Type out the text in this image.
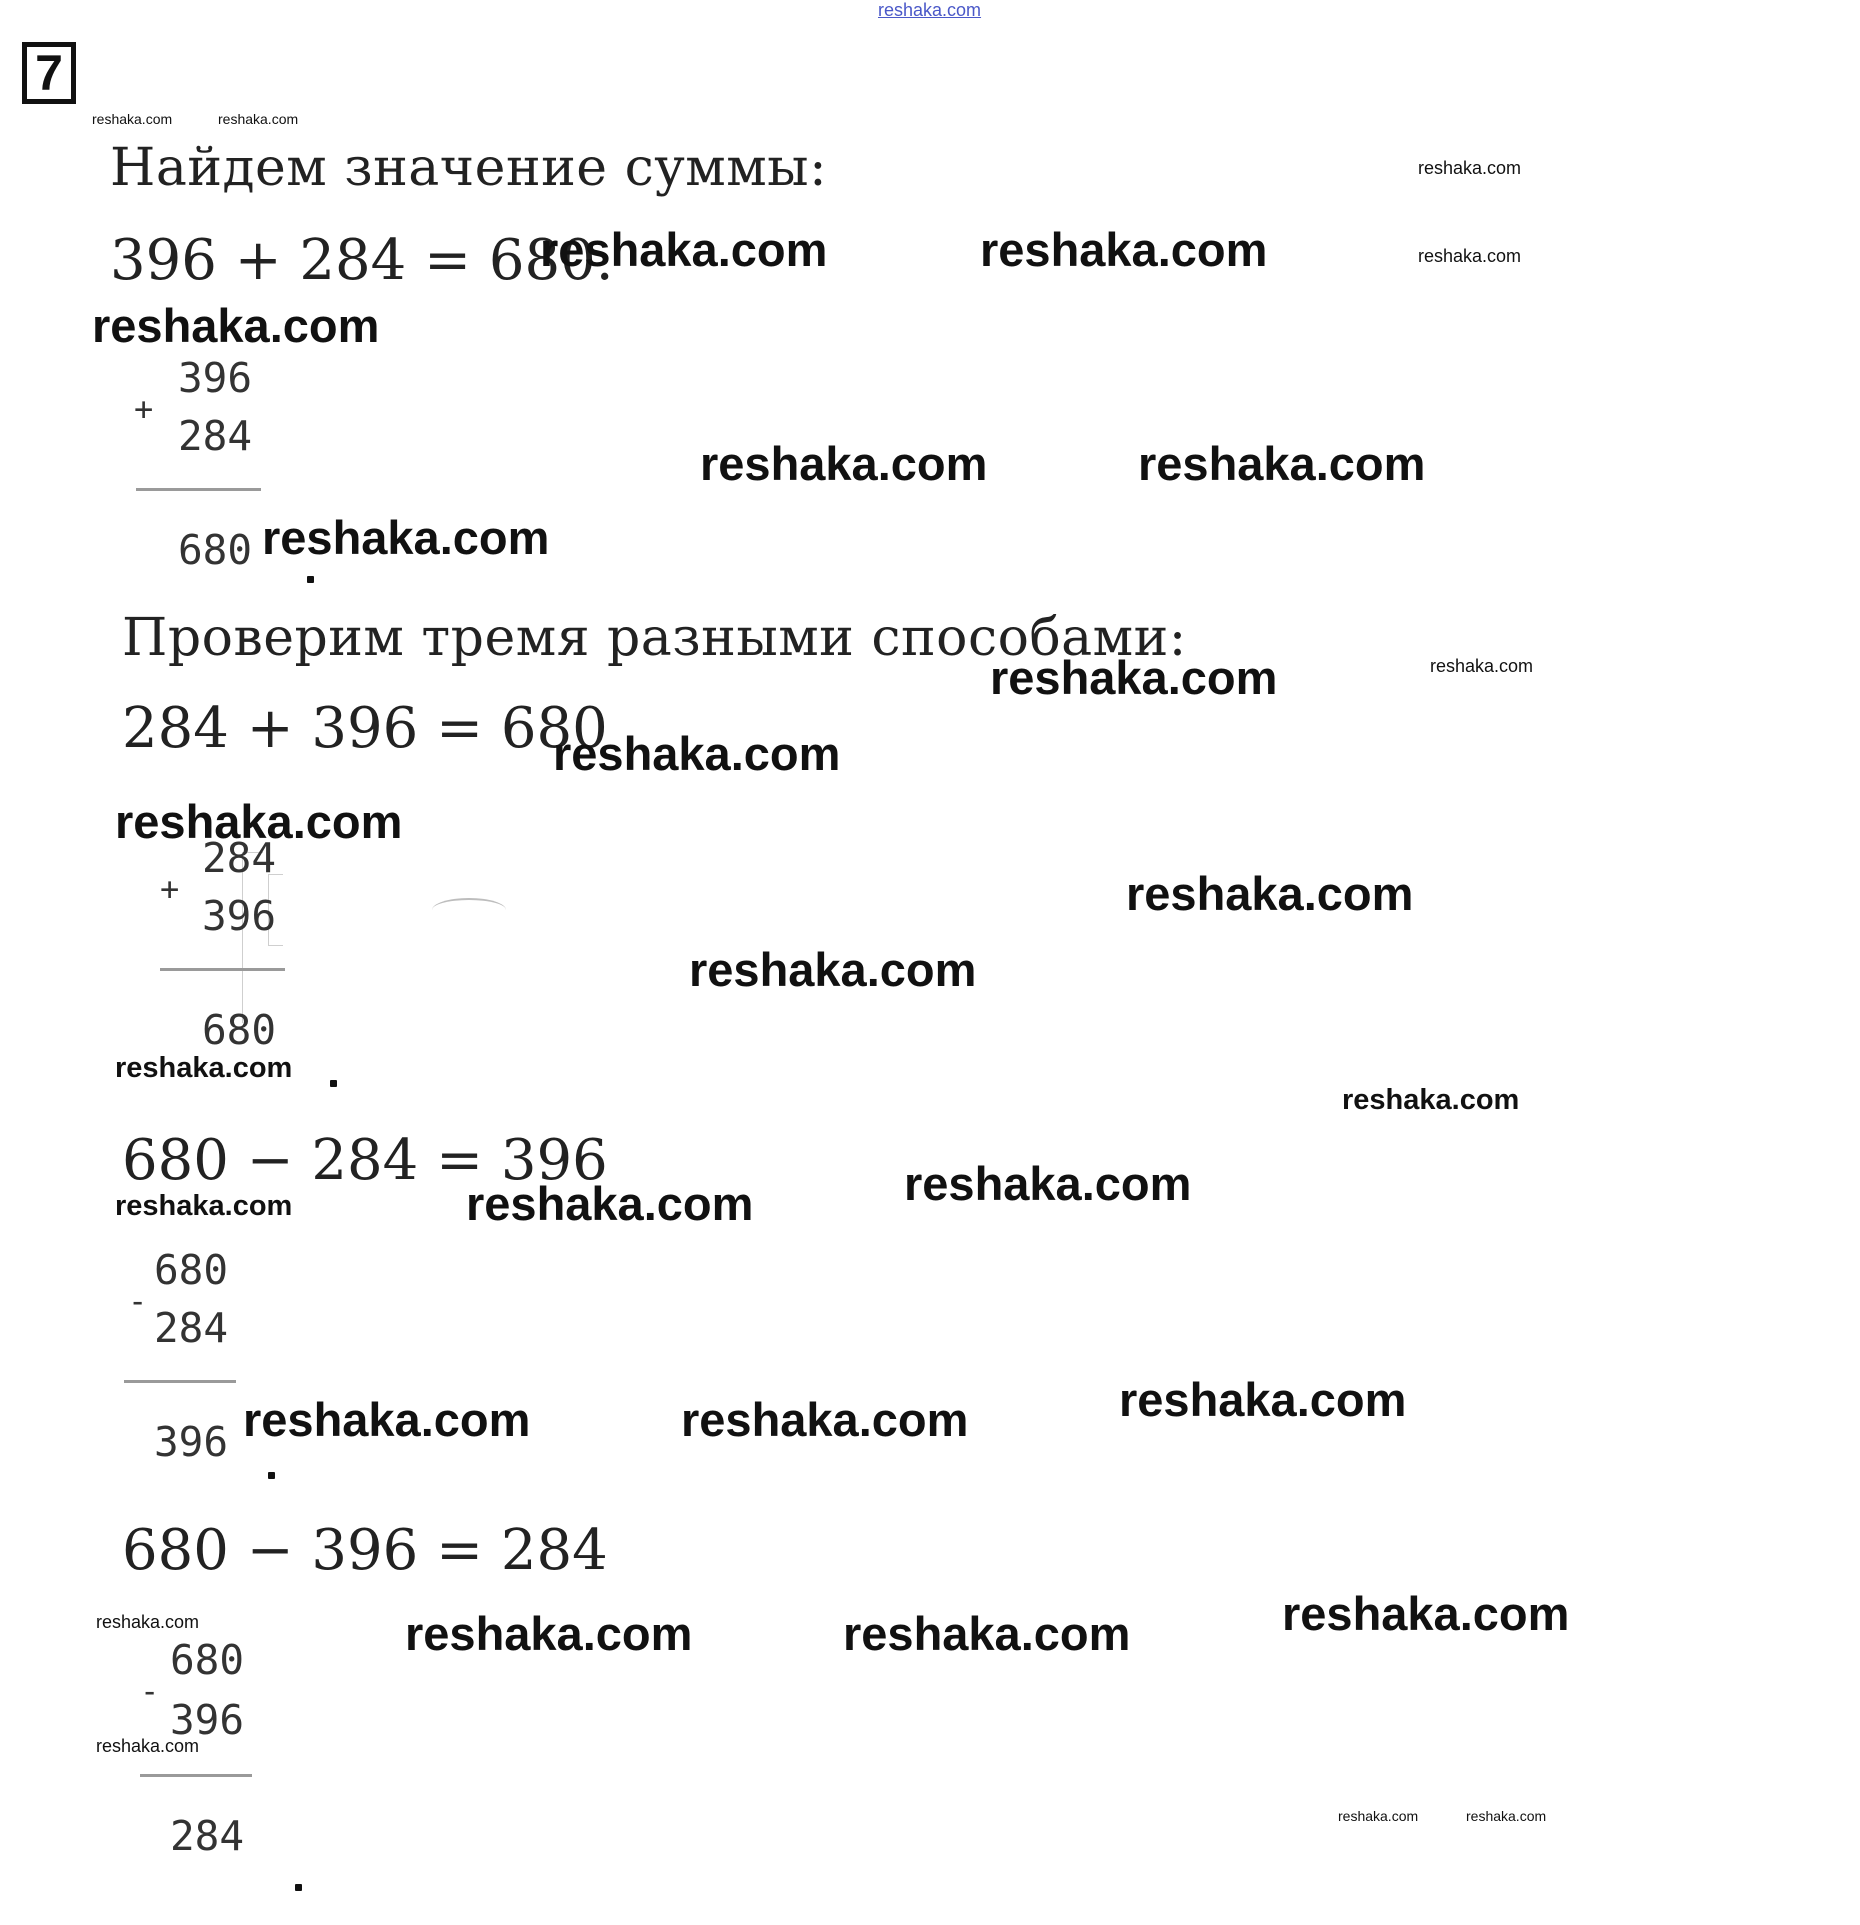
reshaka.com
7
reshaka.com	reshaka.com
Найдем значение суммы:	reshaka.com
396 + 284 = 680.
reshaka.com	reshaka.com	reshaka.com
reshaka.com
+
396
284
680 reshaka.com
reshaka.com	reshaka.com
Проверим тремя разными способами:
reshaka.com	reshaka.com
284 + 396 = 680
reshaka.com
reshaka.com
+
284
396
680
reshaka.com
reshaka.com
reshaka.com
reshaka.com
680 − 284 = 396
reshaka.com	reshaka.com	reshaka.com
-
680
284
396 reshaka.com	reshaka.com	reshaka.com
680 − 396 = 284
reshaka.com	reshaka.com	reshaka.com	reshaka.com
-
680
396
284
reshaka.com
reshaka.com	reshaka.com
